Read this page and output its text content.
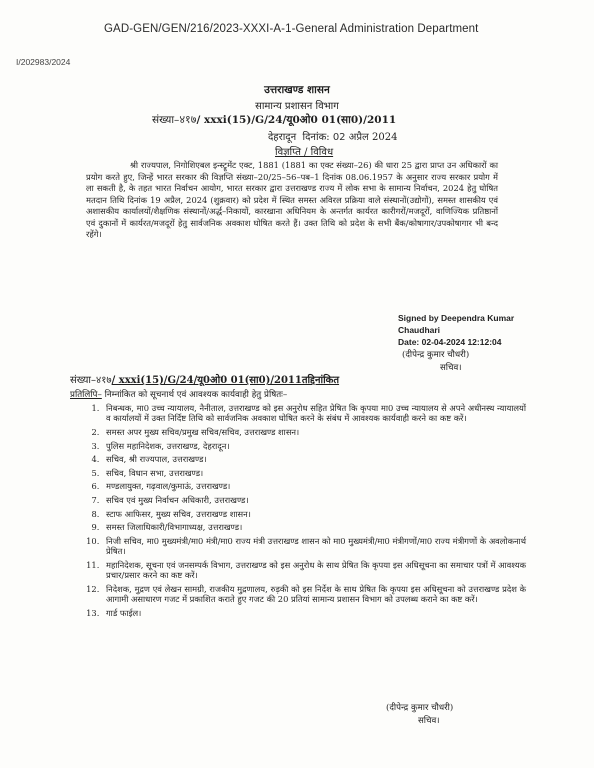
GAD-GEN/GEN/216/2023-XXXI-A-1-General Administration Department
I/202983/2024
उत्तराखण्ड शासन
सामान्य प्रशासन विभाग
संख्या–४१७/ xxxi(15)/G/24/यू0ओ0 01(सा0)/2011
देहरादून दिनांक: 02 अप्रैल 2024
विज्ञप्ति / विविध

श्री राज्यपाल, निगोशिएबल इन्स्ट्रूमेंट एक्ट, 1881 (1881 का एक्ट संख्या–26) की धारा 25 द्वारा प्राप्त उन अधिकारों का प्रयोग करते हुए, जिन्हें भारत सरकार की विज्ञप्ति संख्या–20/25–56–पब–1 दिनांक 08.06.1957 के अनुसार राज्य सरकार प्रयोग में ला सकती है, के तहत भारत निर्वाचन आयोग, भारत सरकार द्वारा उत्तराखण्ड राज्य में लोक सभा के सामान्य निर्वाचन, 2024 हेतु घोषित मतदान तिथि दिनांक 19 अप्रैल, 2024 (शुक्रवार) को प्रदेश में स्थित समस्त अविरल प्रक्रिया वाले संस्थानों(उद्योगों), समस्त शासकीय एवं अशासकीय कार्यालयों/शैक्षणिक संस्थानों/अर्द्ध–निकायों, कारखाना अधिनियम के अन्तर्गत कार्यरत कारीगरों/मजदूरों, वाणिज्यिक प्रतिष्ठानों एवं दुकानों में कार्यरत/मजदूरों हेतु सार्वजनिक अवकाश घोषित करते हैं। उक्त तिथि को प्रदेश के सभी बैंक/कोषागार/उपकोषागार भी बन्द रहेंगे।

Signed by Deependra Kumar
Chaudhari
Date: 02-04-2024 12:12:04
(दीपेन्द्र कुमार चौधरी)
सचिव।
संख्या–४१७/ xxxi(15)/G/24/यू0ओ0 01(सा0)/2011तद्दिनांकित
प्रतिलिपि– निम्नांकित को सूचनार्थ एवं आवश्यक कार्यवाही हेतु प्रेषितः–
1. निबन्धक, मा0 उच्च न्यायालय, नैनीताल, उत्तराखण्ड को इस अनुरोध सहित प्रेषित कि कृपया मा0 उच्च न्यायालय से अपने अधीनस्थ न्यायालयों व कार्यालयों में उक्त निर्दिष्ट तिथि को सार्वजनिक अवकाश घोषित करने के संबंध में आवश्यक कार्यवाही करने का कष्ट करें।
2. समस्त अपर मुख्य सचिव/प्रमुख सचिव/सचिव, उत्तराखण्ड शासन।
3. पुलिस महानिदेशक, उत्तराखण्ड, देहरादून।
4. सचिव, श्री राज्यपाल, उत्तराखण्ड।
5. सचिव, विधान सभा, उत्तराखण्ड।
6. मण्डलायुक्त, गढ़वाल/कुमाऊं, उत्तराखण्ड।
7. सचिव एवं मुख्य निर्वाचन अधिकारी, उत्तराखण्ड।
8. स्टाफ आफिसर, मुख्य सचिव, उत्तराखण्ड शासन।
9. समस्त जिलाधिकारी/विभागाध्यक्ष, उत्तराखण्ड।
10. निजी सचिव, मा0 मुख्यमंत्री/मा0 मंत्री/मा0 राज्य मंत्री उत्तराखण्ड शासन को मा0 मुख्यमंत्री/मा0 मंत्रीगणों/मा0 राज्य मंत्रीगणों के अवलोकनार्थ प्रेषित।
11. महानिदेशक, सूचना एवं जनसम्पर्क विभाग, उत्तराखण्ड को इस अनुरोध के साथ प्रेषित कि कृपया इस अधिसूचना का समाचार पत्रों में आवश्यक प्रचार/प्रसार करने का कष्ट करें।
12. निदेशक, मुद्रण एवं लेखन सामग्री, राजकीय मुद्रणालय, रुड़की को इस निर्देश के साथ प्रेषित कि कृपया इस अधिसूचना को उत्तराखण्ड प्रदेश के आगामी असाधारण गजट में प्रकाशित कराते हुए गजट की 20 प्रतियां सामान्य प्रशासन विभाग को उपलब्ध कराने का कष्ट करें।
13. गार्ड फाईल।
(दीपेन्द्र कुमार चौधरी)
सचिव।
